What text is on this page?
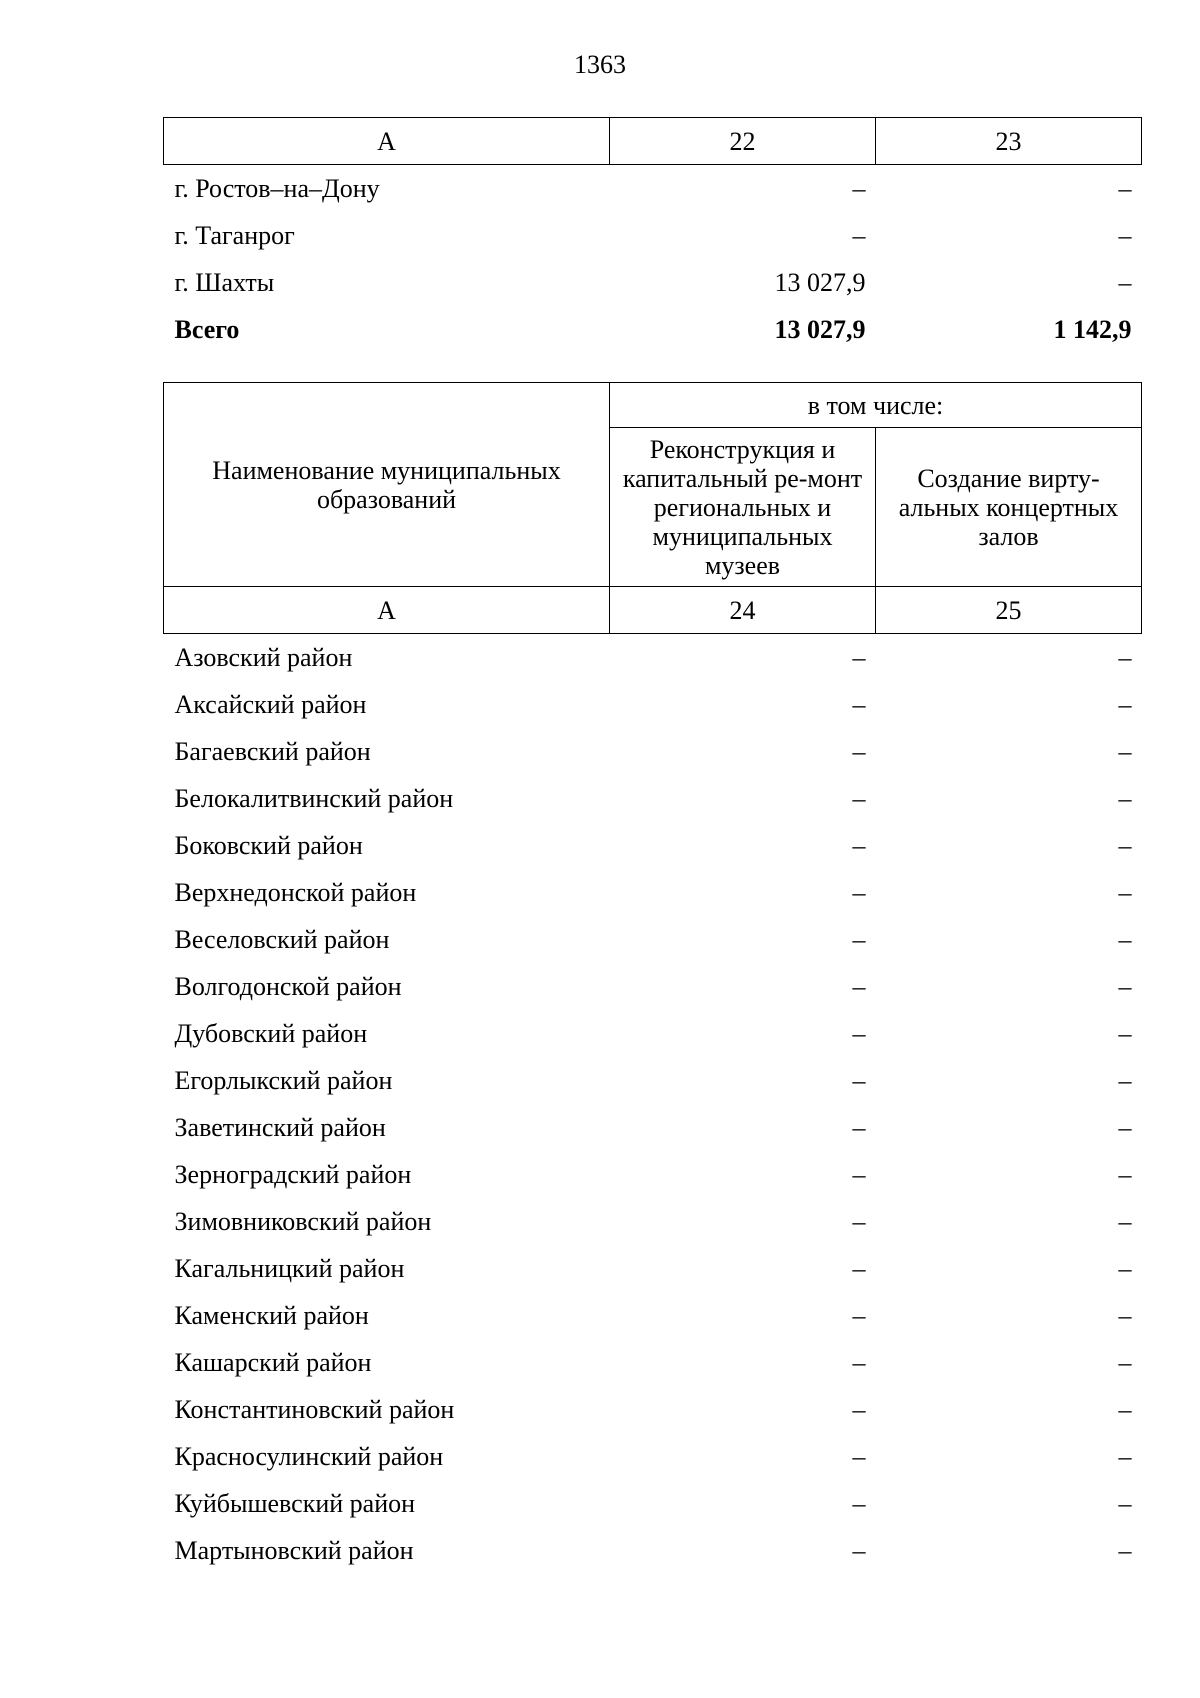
1363
А	22	23
г. Ростов–на–Дону	–	–
г. Таганрог	–	–
г. Шахты	13 027,9	–
Всего	13 027,9	1 142,9
Наименование муниципальных образований	в том числе:	
	Реконструкция и капитальный ре-монт региональных и муниципальных музеев	Создание вирту-альных концертных залов
А	24	25
Азовский район	–	–
Аксайский район	–	–
Багаевский район	–	–
Белокалитвинский район	–	–
Боковский район	–	–
Верхнедонской район	–	–
Веселовский район	–	–
Волгодонской район	–	–
Дубовский район	–	–
Егорлыкский район	–	–
Заветинский район	–	–
Зерноградский район	–	–
Зимовниковский район	–	–
Кагальницкий район	–	–
Каменский район	–	–
Кашарский район	–	–
Константиновский район	–	–
Красносулинский район	–	–
Куйбышевский район	–	–
Мартыновский район	–	–
